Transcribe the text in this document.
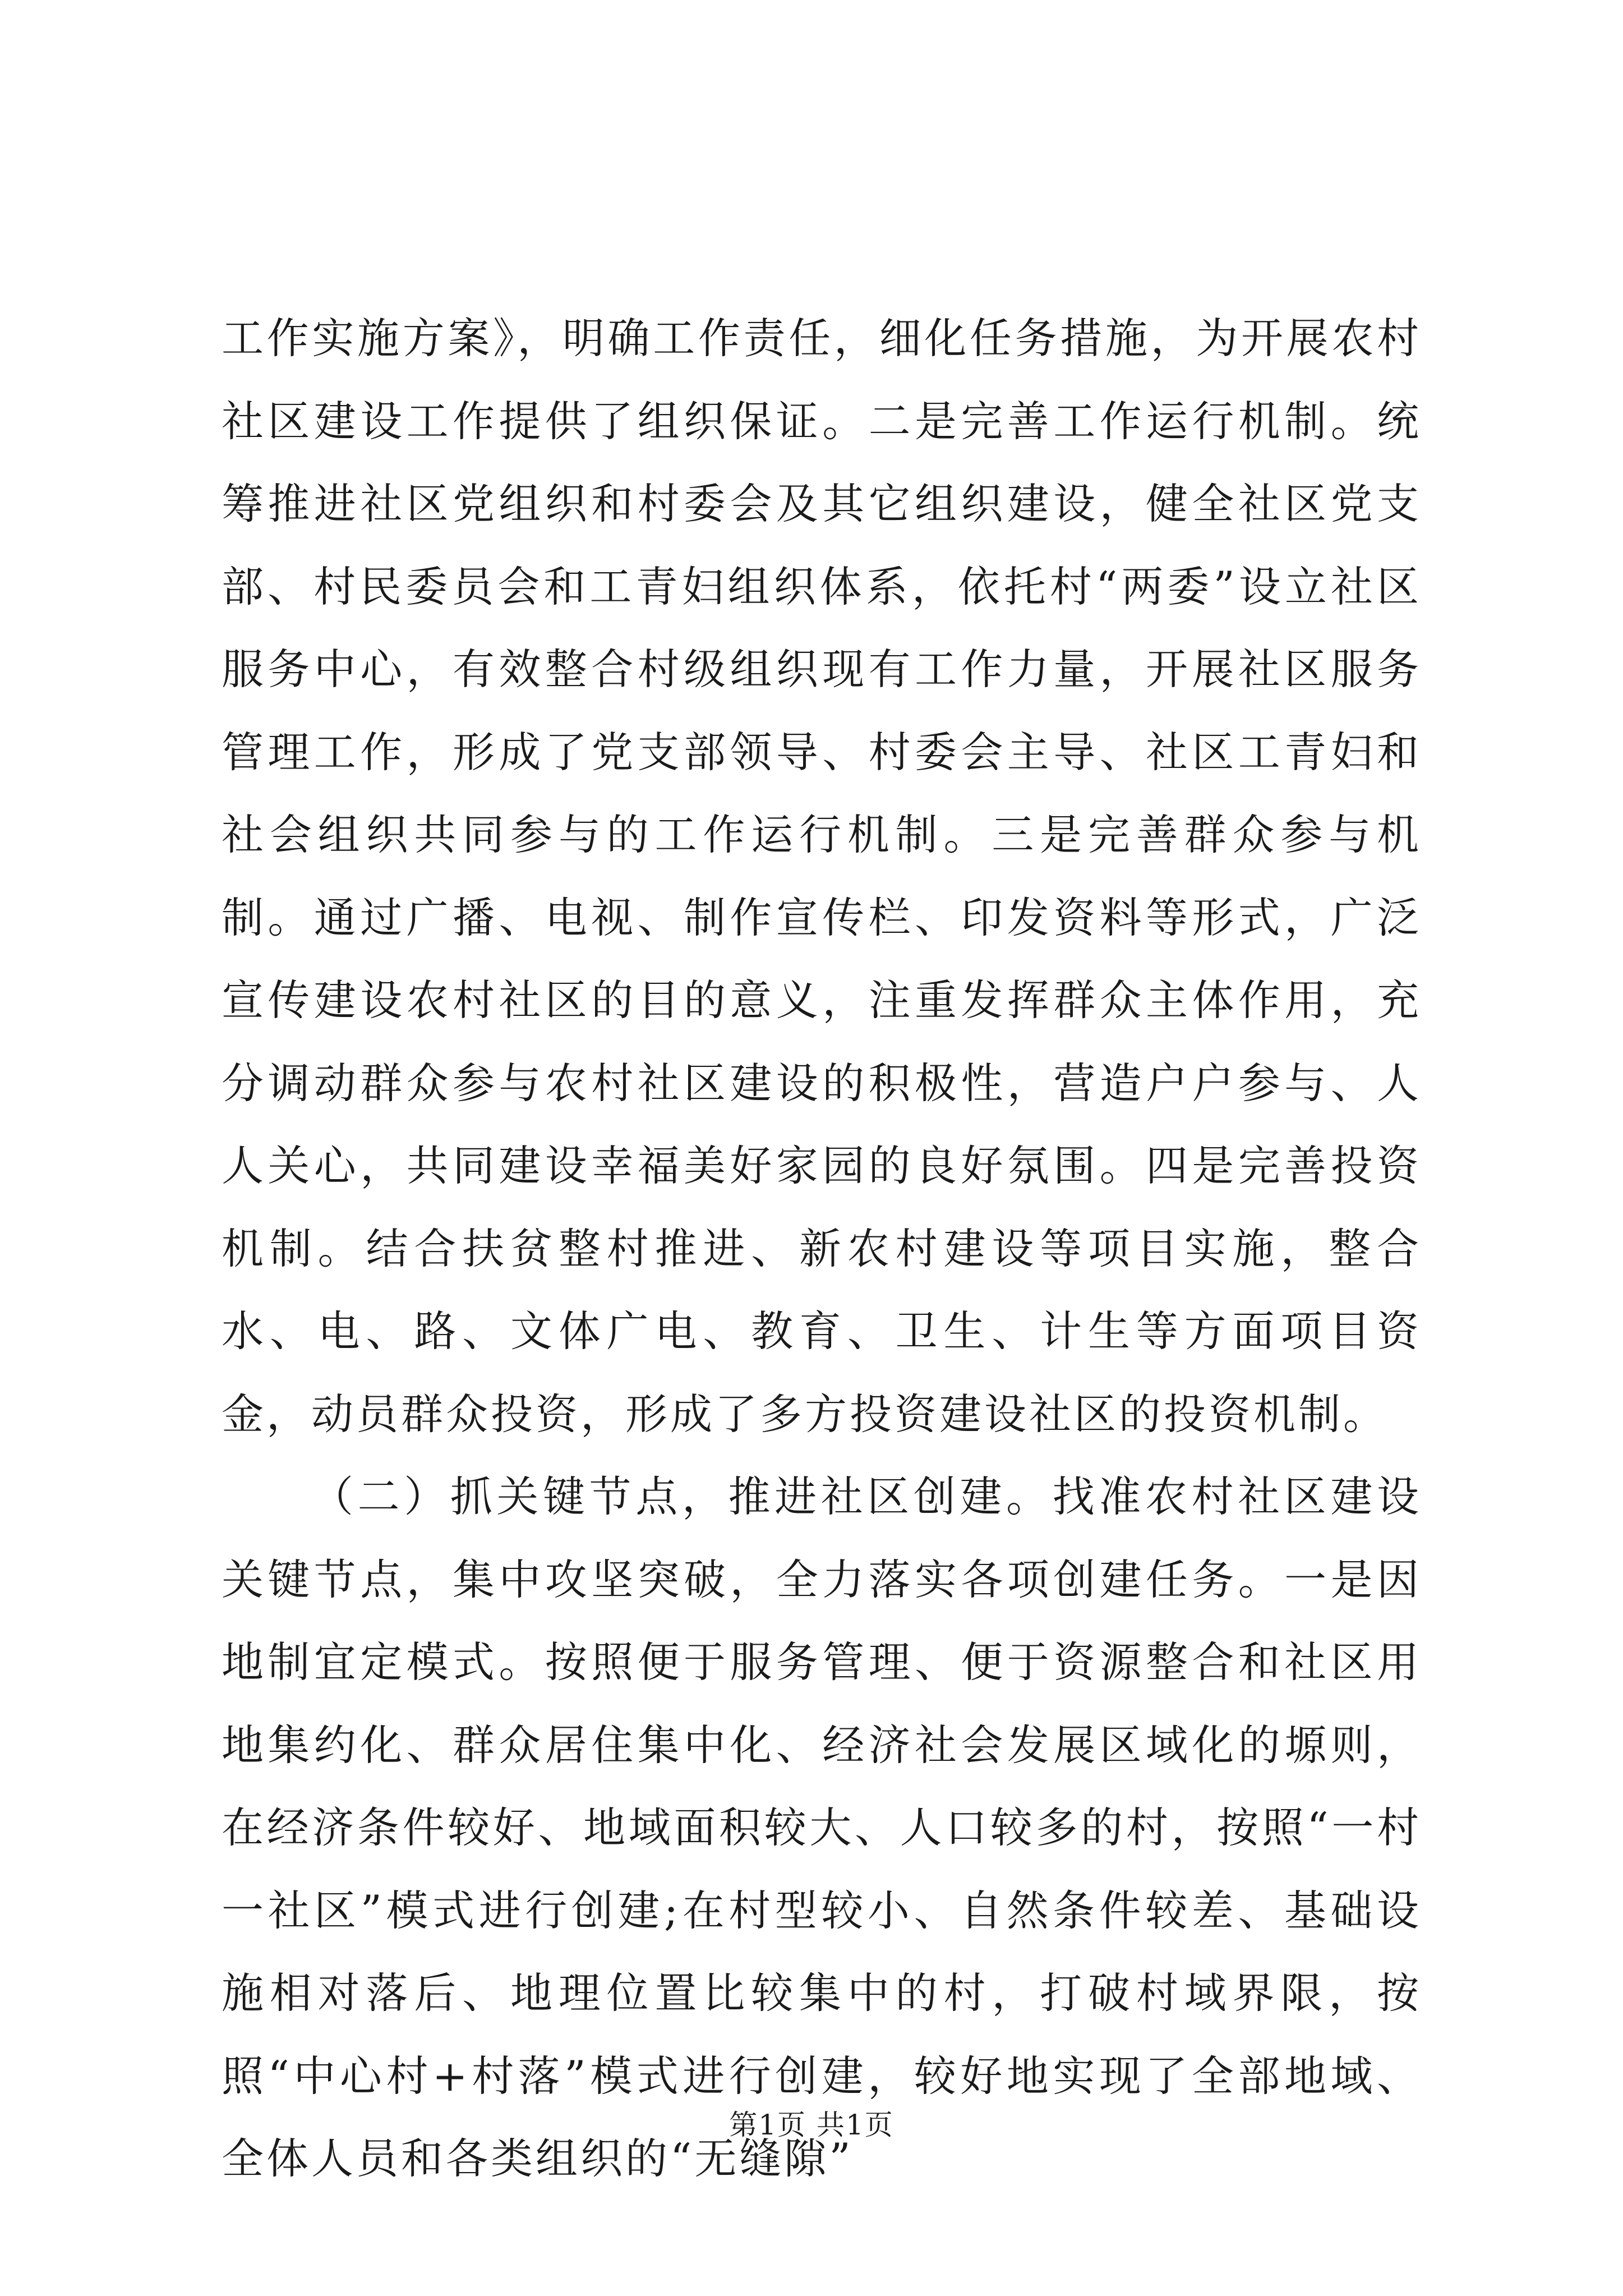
工作实施方案》，明确工作责任，细化任务措施，为开展农村社区建设工作提供了组织保证。二是完善工作运行机制。统筹推进社区党组织和村委会及其它组织建设，健全社区党支部、村民委员会和工青妇组织体系，依托村“两委”设立社区服务中心，有效整合村级组织现有工作力量，开展社区服务管理工作，形成了党支部领导、村委会主导、社区工青妇和社会组织共同参与的工作运行机制。三是完善群众参与机制。通过广播、电视、制作宣传栏、印发资料等形式，广泛宣传建设农村社区的目的意义，注重发挥群众主体作用，充分调动群众参与农村社区建设的积极性，营造户户参与、人人关心，共同建设幸福美好家园的良好氛围。四是完善投资机制。结合扶贫整村推进、新农村建设等项目实施，整合水、电、路、文体广电、教育、卫生、计生等方面项目资金，动员群众投资，形成了多方投资建设社区的投资机制。

（二）抓关键节点，推进社区创建。找准农村社区建设关键节点，集中攻坚突破，全力落实各项创建任务。一是因地制宜定模式。按照便于服务管理、便于资源整合和社区用地集约化、群众居住集中化、经济社会发展区域化的塬则，在经济条件较好、地域面积较大、人口较多的村，按照“一村一社区”模式进行创建;在村型较小、自然条件较差、基础设施相对落后、地理位置比较集中的村，打破村域界限，按照“中心村+村落”模式进行创建，较好地实现了全部地域、全体人员和各类组织的“无缝隙”

第1页 共1页
